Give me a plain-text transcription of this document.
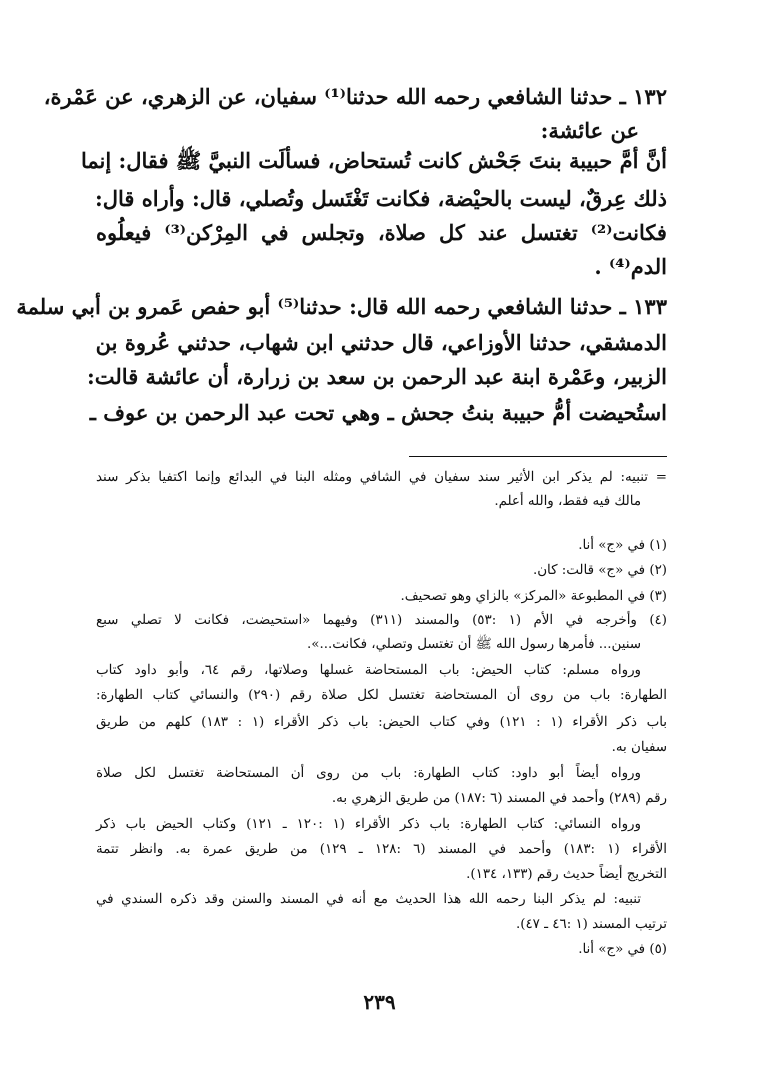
١٣٢ ـ حدثنا الشافعي رحمه الله حدثنا⁽¹⁾ سفيان، عن الزهري، عن عَمْرة،
عن عائشة:
أنَّ أمَّ حبيبة بنتَ جَحْش كانت تُستحاض، فسألَت النبيَّ ﷺ فقال: إنما
ذلك عِرقٌ، ليست بالحيْضة، فكانت تَغْتَسل وتُصلي، قال: وأراه قال:
فكانت⁽²⁾ تغتسل عند كل صلاة، وتجلس في المِرْكن⁽³⁾ فيعلُوه
الدم⁽⁴⁾ .
١٣٣ ـ حدثنا الشافعي رحمه الله قال: حدثنا⁽⁵⁾ أبو حفص عَمرو بن أبي سلمة
الدمشقي، حدثنا الأوزاعي، قال حدثني ابن شهاب، حدثني عُروة بن
الزبير، وعَمْرة ابنة عبد الرحمن بن سعد بن زرارة، أن عائشة قالت:
استُحيضت أمُّ حبيبة بنتُ جحش ـ وهي تحت عبد الرحمن بن عوف ـ
= تنبيه: لم يذكر ابن الأثير سند سفيان في الشافي ومثله البنا في البدائع وإنما اكتفيا بذكر سند
مالك فيه فقط، والله أعلم.
(١) في «ج» أنا.
(٢) في «ج» قالت: كان.
(٣) في المطبوعة «المركز» بالزاي وهو تصحيف.
(٤) وأخرجه في الأم (١ :٥٣) والمسند (٣١١) وفيهما «استحيضت، فكانت لا تصلي سبع
سنين... فأمرها رسول الله ﷺ أن تغتسل وتصلي، فكانت...».
ورواه مسلم: كتاب الحيض: باب المستحاضة غسلها وصلاتها، رقم ٦٤، وأبو داود كتاب
الطهارة: باب من روى أن المستحاضة تغتسل لكل صلاة رقم (٢٩٠) والنسائي كتاب الطهارة:
باب ذكر الأقراء (١ : ١٢١) وفي كتاب الحيض: باب ذكر الأقراء (١ : ١٨٣) كلهم من طريق
سفيان به.
ورواه أيضاً أبو داود: كتاب الطهارة: باب من روى أن المستحاضة تغتسل لكل صلاة
رقم (٢٨٩) وأحمد في المسند (٦ :١٨٧) من طريق الزهري به.
ورواه النسائي: كتاب الطهارة: باب ذكر الأقراء (١ :١٢٠ ـ ١٢١) وكتاب الحيض باب ذكر
الأقراء (١ :١٨٣) وأحمد في المسند (٦ :١٢٨ ـ ١٢٩) من طريق عمرة به. وانظر تتمة
التخريج أيضاً حديث رقم (١٣٣، ١٣٤).
تنبيه: لم يذكر البنا رحمه الله هذا الحديث مع أنه في المسند والسنن وقد ذكره السندي في
ترتيب المسند (١ :٤٦ ـ ٤٧).
(٥) في «ج» أنا.
٢٣٩
